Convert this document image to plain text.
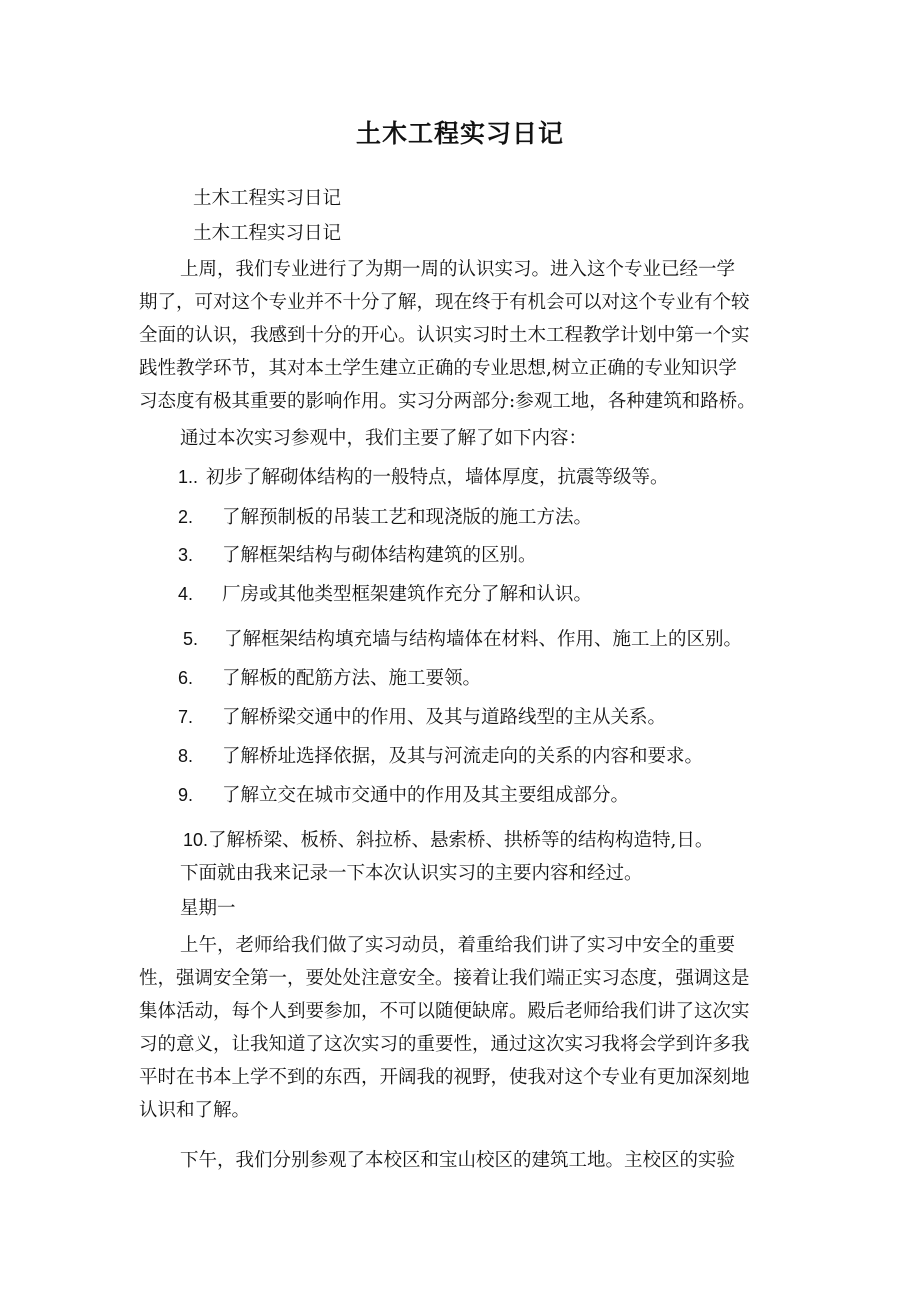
土木工程实习日记
土木工程实习日记
土木工程实习日记
上周，我们专业进行了为期一周的认识实习。进入这个专业已经一学
期了，可对这个专业并不十分了解，现在终于有机会可以对这个专业有个较
全面的认识，我感到十分的开心。认识实习时土木工程教学计划中第一个实
践性教学环节，其对本土学生建立正确的专业思想,树立正确的专业知识学
习态度有极其重要的影响作用。实习分两部分:参观工地，各种建筑和路桥。
通过本次实习参观中，我们主要了解了如下内容：
1.. 初步了解砌体结构的一般特点，墙体厚度，抗震等级等。
2. 了解预制板的吊装工艺和现浇版的施工方法。
3. 了解框架结构与砌体结构建筑的区别。
4. 厂房或其他类型框架建筑作充分了解和认识。
5. 了解框架结构填充墙与结构墙体在材料、作用、施工上的区别。
6. 了解板的配筋方法、施工要领。
7. 了解桥梁交通中的作用、及其与道路线型的主从关系。
8. 了解桥址选择依据，及其与河流走向的关系的内容和要求。
9. 了解立交在城市交通中的作用及其主要组成部分。
10.了解桥梁、板桥、斜拉桥、悬索桥、拱桥等的结构构造特,日。
下面就由我来记录一下本次认识实习的主要内容和经过。
星期一
上午，老师给我们做了实习动员，着重给我们讲了实习中安全的重要
性，强调安全第一，要处处注意安全。接着让我们端正实习态度，强调这是
集体活动，每个人到要参加，不可以随便缺席。殿后老师给我们讲了这次实
习的意义，让我知道了这次实习的重要性，通过这次实习我将会学到许多我
平时在书本上学不到的东西，开阔我的视野，使我对这个专业有更加深刻地
认识和了解。
下午，我们分别参观了本校区和宝山校区的建筑工地。主校区的实验
